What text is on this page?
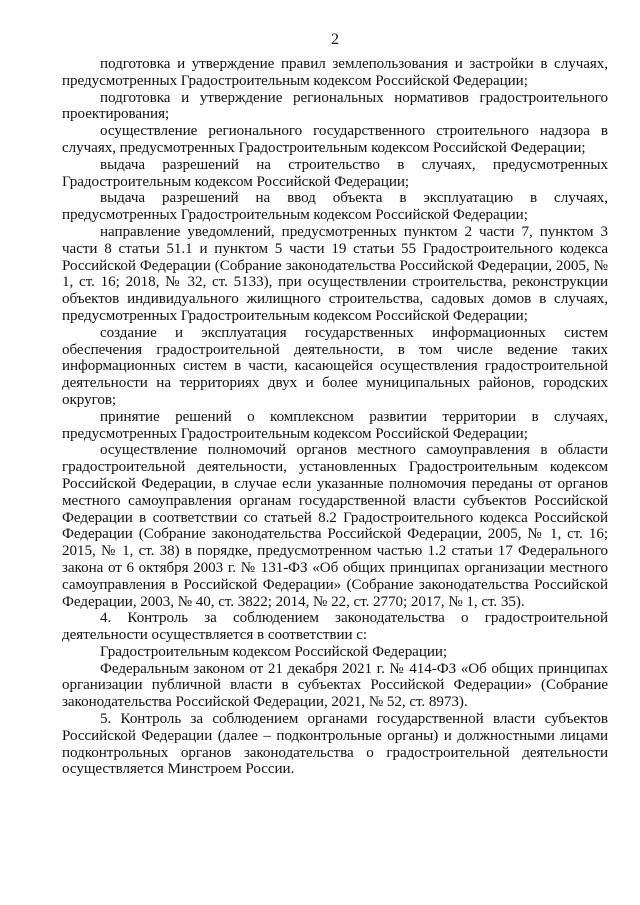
2

подготовка и утверждение правил землепользования и застройки в случаях, предусмотренных Градостроительным кодексом Российской Федерации;

подготовка и утверждение региональных нормативов градостроительного проектирования;

осуществление регионального государственного строительного надзора в случаях, предусмотренных Градостроительным кодексом Российской Федерации;

выдача разрешений на строительство в случаях, предусмотренных Градостроительным кодексом Российской Федерации;

выдача разрешений на ввод объекта в эксплуатацию в случаях, предусмотренных Градостроительным кодексом Российской Федерации;

направление уведомлений, предусмотренных пунктом 2 части 7, пунктом 3 части 8 статьи 51.1 и пунктом 5 части 19 статьи 55 Градостроительного кодекса Российской Федерации (Собрание законодательства Российской Федерации, 2005, № 1, ст. 16; 2018, № 32, ст. 5133), при осуществлении строительства, реконструкции объектов индивидуального жилищного строительства, садовых домов в случаях, предусмотренных Градостроительным кодексом Российской Федерации;

создание и эксплуатация государственных информационных систем обеспечения градостроительной деятельности, в том числе ведение таких информационных систем в части, касающейся осуществления градостроительной деятельности на территориях двух и более муниципальных районов, городских округов;

принятие решений о комплексном развитии территории в случаях, предусмотренных Градостроительным кодексом Российской Федерации;

осуществление полномочий органов местного самоуправления в области градостроительной деятельности, установленных Градостроительным кодексом Российской Федерации, в случае если указанные полномочия переданы от органов местного самоуправления органам государственной власти субъектов Российской Федерации в соответствии со статьей 8.2 Градостроительного кодекса Российской Федерации (Собрание законодательства Российской Федерации, 2005, № 1, ст. 16; 2015, № 1, ст. 38) в порядке, предусмотренном частью 1.2 статьи 17 Федерального закона от 6 октября 2003 г. № 131-ФЗ «Об общих принципах организации местного самоуправления в Российской Федерации» (Собрание законодательства Российской Федерации, 2003, № 40, ст. 3822; 2014, № 22, ст. 2770; 2017, № 1, ст. 35).

4. Контроль за соблюдением законодательства о градостроительной деятельности осуществляется в соответствии с:

Градостроительным кодексом Российской Федерации;

Федеральным законом от 21 декабря 2021 г. № 414-ФЗ «Об общих принципах организации публичной власти в субъектах Российской Федерации» (Собрание законодательства Российской Федерации, 2021, № 52, ст. 8973).

5. Контроль за соблюдением органами государственной власти субъектов Российской Федерации (далее – подконтрольные органы) и должностными лицами подконтрольных органов законодательства о градостроительной деятельности осуществляется Минстроем России.
